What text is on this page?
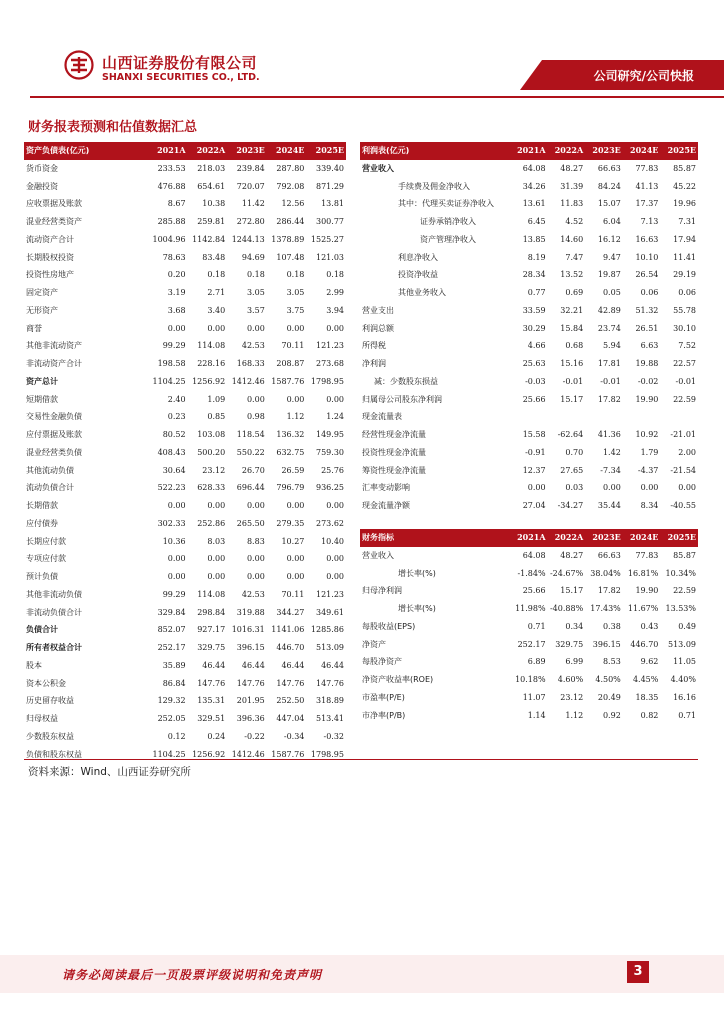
山西证券股份有限公司
SHANXI SECURITIES CO., LTD.	公司研究/公司快报
财务报表预测和估值数据汇总
资产负债表(亿元)	2021A	2022A	2023E	2024E	2025E
货币资金	233.53	218.03	239.84	287.80	339.40
金融投资	476.88	654.61	720.07	792.08	871.29
应收票据及账款	8.67	10.38	11.42	12.56	13.81
混业经营类资产	285.88	259.81	272.80	286.44	300.77
流动资产合计	1004.96	1142.84	1244.13	1378.89	1525.27
长期股权投资	78.63	83.48	94.69	107.48	121.03
投资性房地产	0.20	0.18	0.18	0.18	0.18
固定资产	3.19	2.71	3.05	3.05	2.99
无形资产	3.68	3.40	3.57	3.75	3.94
商誉	0.00	0.00	0.00	0.00	0.00
其他非流动资产	99.29	114.08	42.53	70.11	121.23
非流动资产合计	198.58	228.16	168.33	208.87	273.68
资产总计	1104.25	1256.92	1412.46	1587.76	1798.95
短期借款	2.40	1.09	0.00	0.00	0.00
交易性金融负债	0.23	0.85	0.98	1.12	1.24
应付票据及账款	80.52	103.08	118.54	136.32	149.95
混业经营类负债	408.43	500.20	550.22	632.75	759.30
其他流动负债	30.64	23.12	26.70	26.59	25.76
流动负债合计	522.23	628.33	696.44	796.79	936.25
长期借款	0.00	0.00	0.00	0.00	0.00
应付债券	302.33	252.86	265.50	279.35	273.62
长期应付款	10.36	8.03	8.83	10.27	10.40
专项应付款	0.00	0.00	0.00	0.00	0.00
预计负债	0.00	0.00	0.00	0.00	0.00
其他非流动负债	99.29	114.08	42.53	70.11	121.23
非流动负债合计	329.84	298.84	319.88	344.27	349.61
负债合计	852.07	927.17	1016.31	1141.06	1285.86
所有者权益合计	252.17	329.75	396.15	446.70	513.09
股本	35.89	46.44	46.44	46.44	46.44
资本公积金	86.84	147.76	147.76	147.76	147.76
历史留存收益	129.32	135.31	201.95	252.50	318.89
归母权益	252.05	329.51	396.36	447.04	513.41
少数股东权益	0.12	0.24	-0.22	-0.34	-0.32
负债和股东权益	1104.25	1256.92	1412.46	1587.76	1798.95
利润表(亿元)	2021A	2022A	2023E	2024E	2025E
营业收入	64.08	48.27	66.63	77.83	85.87
手续费及佣金净收入	34.26	31.39	84.24	41.13	45.22
其中：代理买卖证券净收入	13.61	11.83	15.07	17.37	19.96
证券承销净收入	6.45	4.52	6.04	7.13	7.31
资产管理净收入	13.85	14.60	16.12	16.63	17.94
利息净收入	8.19	7.47	9.47	10.10	11.41
投资净收益	28.34	13.52	19.87	26.54	29.19
其他业务收入	0.77	0.69	0.05	0.06	0.06
营业支出	33.59	32.21	42.89	51.32	55.78
利润总额	30.29	15.84	23.74	26.51	30.10
所得税	4.66	0.68	5.94	6.63	7.52
净利润	25.63	15.16	17.81	19.88	22.57
减：少数股东损益	-0.03	-0.01	-0.01	-0.02	-0.01
归属母公司股东净利润	25.66	15.17	17.82	19.90	22.59
现金流量表					
经营性现金净流量	15.58	-62.64	41.36	10.92	-21.01
投资性现金净流量	-0.91	0.70	1.42	1.79	2.00
筹资性现金净流量	12.37	27.65	-7.34	-4.37	-21.54
汇率变动影响	0.00	0.03	0.00	0.00	0.00
现金流量净额	27.04	-34.27	35.44	8.34	-40.55
财务指标	2021A	2022A	2023E	2024E	2025E
营业收入	64.08	48.27	66.63	77.83	85.87
增长率(%)	-1.84%	-24.67%	38.04%	16.81%	10.34%
归母净利润	25.66	15.17	17.82	19.90	22.59
增长率(%)	11.98%	-40.88%	17.43%	11.67%	13.53%
每股收益(EPS)	0.71	0.34	0.38	0.43	0.49
净资产	252.17	329.75	396.15	446.70	513.09
每股净资产	6.89	6.99	8.53	9.62	11.05
净资产收益率(ROE)	10.18%	4.60%	4.50%	4.45%	4.40%
市盈率(P/E)	11.07	23.12	20.49	18.35	16.16
市净率(P/B)	1.14	1.12	0.92	0.82	0.71
资料来源：Wind、山西证券研究所
请务必阅读最后一页股票评级说明和免责声明	3
